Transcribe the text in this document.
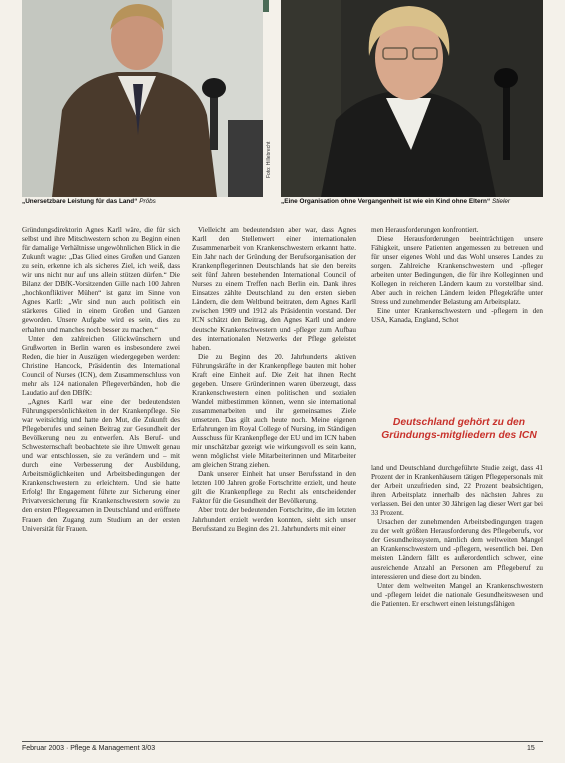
Foto: Hillebrecht
„Unersetzbare Leistung für das Land“ Pröbs	„Eine Organisation ohne Vergangenheit ist wie ein Kind ohne Eltern“ Stieler

Gründungsdirektorin Agnes Karll wäre, die für sich selbst und ihre Mitschwestern schon zu Beginn einen für damalige Verhältnisse ungewöhnlichen Blick in die Zukunft wagte: „Das Glied eines Großen und Ganzen zu sein, erkenne ich als sicheres Ziel, ich weiß, dass wir uns nicht nur auf uns allein stützen dürfen.“ Die Bilanz der DBfK-Vorsitzenden Gille nach 100 Jahren „hochkonfliktiver Mühen“ ist ganz im Sinne von Agnes Karll: „Wir sind nun auch politisch ein stärkeres Glied in einem Großen und Ganzen geworden. Unsere Aufgabe wird es sein, dies zu erhalten und manches noch besser zu machen.“

Unter den zahlreichen Glückwünschern und Grußworten in Berlin waren es insbesondere zwei Reden, die hier in Auszügen wiedergegeben werden: Christine Hancock, Präsidentin des International Council of Nurses (ICN), dem Zusammenschluss von mehr als 124 nationalen Pflegeverbänden, hob die Laudatio auf den DBfK:

„Agnes Karll war eine der bedeutendsten Führungspersönlichkeiten in der Krankenpflege. Sie war weitsichtig und hatte den Mut, die Zukunft des Pflegeberufes und seinen Beitrag zur Gesundheit der Bevölkerung neu zu entwerfen. Als Beruf- und Schwesternschaft beobachtete sie ihre Umwelt genau und war entschlossen, sie zu verändern und – mit durch eine Verbesserung der Ausbildung, Arbeitsmöglichkeiten und Arbeitsbedingungen der Krankenschwestern zu erleichtern. Und sie hatte Erfolg! Ihr Engagement führte zur Sicherung einer Privatversicherung für Krankenschwestern sowie zu den ersten Pflegeexamen in Deutschland und eröffnete Frauen den Zugang zum Studium an der ersten Universität für Frauen.

Vielleicht am bedeutendsten aber war, dass Agnes Karll den Stellenwert einer internationalen Zusammenarbeit von Krankenschwestern erkannt hatte. Ein Jahr nach der Gründung der Berufsorganisation der Krankenpflegerinnen Deutschlands hat sie den bereits seit fünf Jahren bestehenden International Council of Nurses zu einem Treffen nach Berlin ein. Dank ihres Einsatzes zählte Deutschland zu den ersten sieben Ländern, die dem Weltbund beitraten, dem Agnes Karll zwischen 1909 und 1912 als Präsidentin vorstand. Der ICN schätzt den Beitrag, den Agnes Karll und andere deutsche Krankenschwestern und -pfleger zum Aufbau des internationalen Netzwerks der Pflege geleistet haben.

Die zu Beginn des 20. Jahrhunderts aktiven Führungskräfte in der Krankenpflege bauten mit hoher Kraft eine Einheit auf. Die Zeit hat ihnen Recht gegeben. Unsere Gründerinnen waren überzeugt, dass Krankenschwestern einen politischen und sozialen Wandel mitbestimmen können, wenn sie international zusammenarbeiten und ihr gemeinsames Ziele umsetzen. Das gilt auch heute noch. Meine eigenen Erfahrungen im Royal College of Nursing, im Ständigen Ausschuss für Krankenpflege der EU und im ICN haben mir unschätzbar gezeigt wie wirkungsvoll es sein kann, wenn möglichst viele Mitarbeiterinnen und Mitarbeiter am gleichen Strang ziehen.

Dank unserer Einheit hat unser Berufsstand in den letzten 100 Jahren große Fortschritte erzielt, und heute gilt die Krankenpflege zu Recht als entscheidender Faktor für die Gesundheit der Bevölkerung.

Aber trotz der bedeutenden Fortschritte, die im letzten Jahrhundert erzielt werden konnten, sieht sich unser Berufsstand zu Beginn des 21. Jahrhunderts mit einer

men Herausforderungen konfrontiert.

Diese Herausforderungen beeinträchtigen unsere Fähigkeit, unsere Patienten angemessen zu betreuen und für unser eigenes Wohl und das Wohl unseres Landes zu sorgen. Zahlreiche Krankenschwestern und -pfleger arbeiten unter Bedingungen, die für ihre Kolleginnen und Kollegen in reicheren Ländern kaum zu vorstellbar sind. Aber auch in reichen Ländern leiden Pflegekräfte unter Stress und zunehmender Belastung am Arbeitsplatz.

Eine unter Krankenschwestern und -pflegern in den USA, Kanada, England, Schot

Deutschland gehört zu den Gründungs-mitgliedern des ICN

land und Deutschland durchgeführte Studie zeigt, dass 41 Prozent der in Krankenhäusern tätigen Pflegepersonals mit der Arbeit unzufrieden sind, 22 Prozent beabsichtigen, ihren Arbeitsplatz innerhalb des nächsten Jahres zu verlassen. Bei den unter 30 Jährigen lag dieser Wert gar bei 33 Prozent.

Ursachen der zunehmenden Arbeitsbedingungen tragen zu der welt größten Herausforderung des Pflegeberufs, vor der Gesundheitssystem, nämlich dem weltweiten Mangel an Krankenschwestern und -pflegern, wesentlich bei. Den meisten Ländern fällt es außerordentlich schwer, eine ausreichende Anzahl an Personen am Pflegeberuf zu interessieren und diese dort zu binden.

Unter dem weltweiten Mangel an Krankenschwestern und -pflegern leidet die nationale Gesundheitswesen und die Patienten. Er erschwert einen leistungsfähigen

Februar 2003 · Pflege & Management 3/03	15
